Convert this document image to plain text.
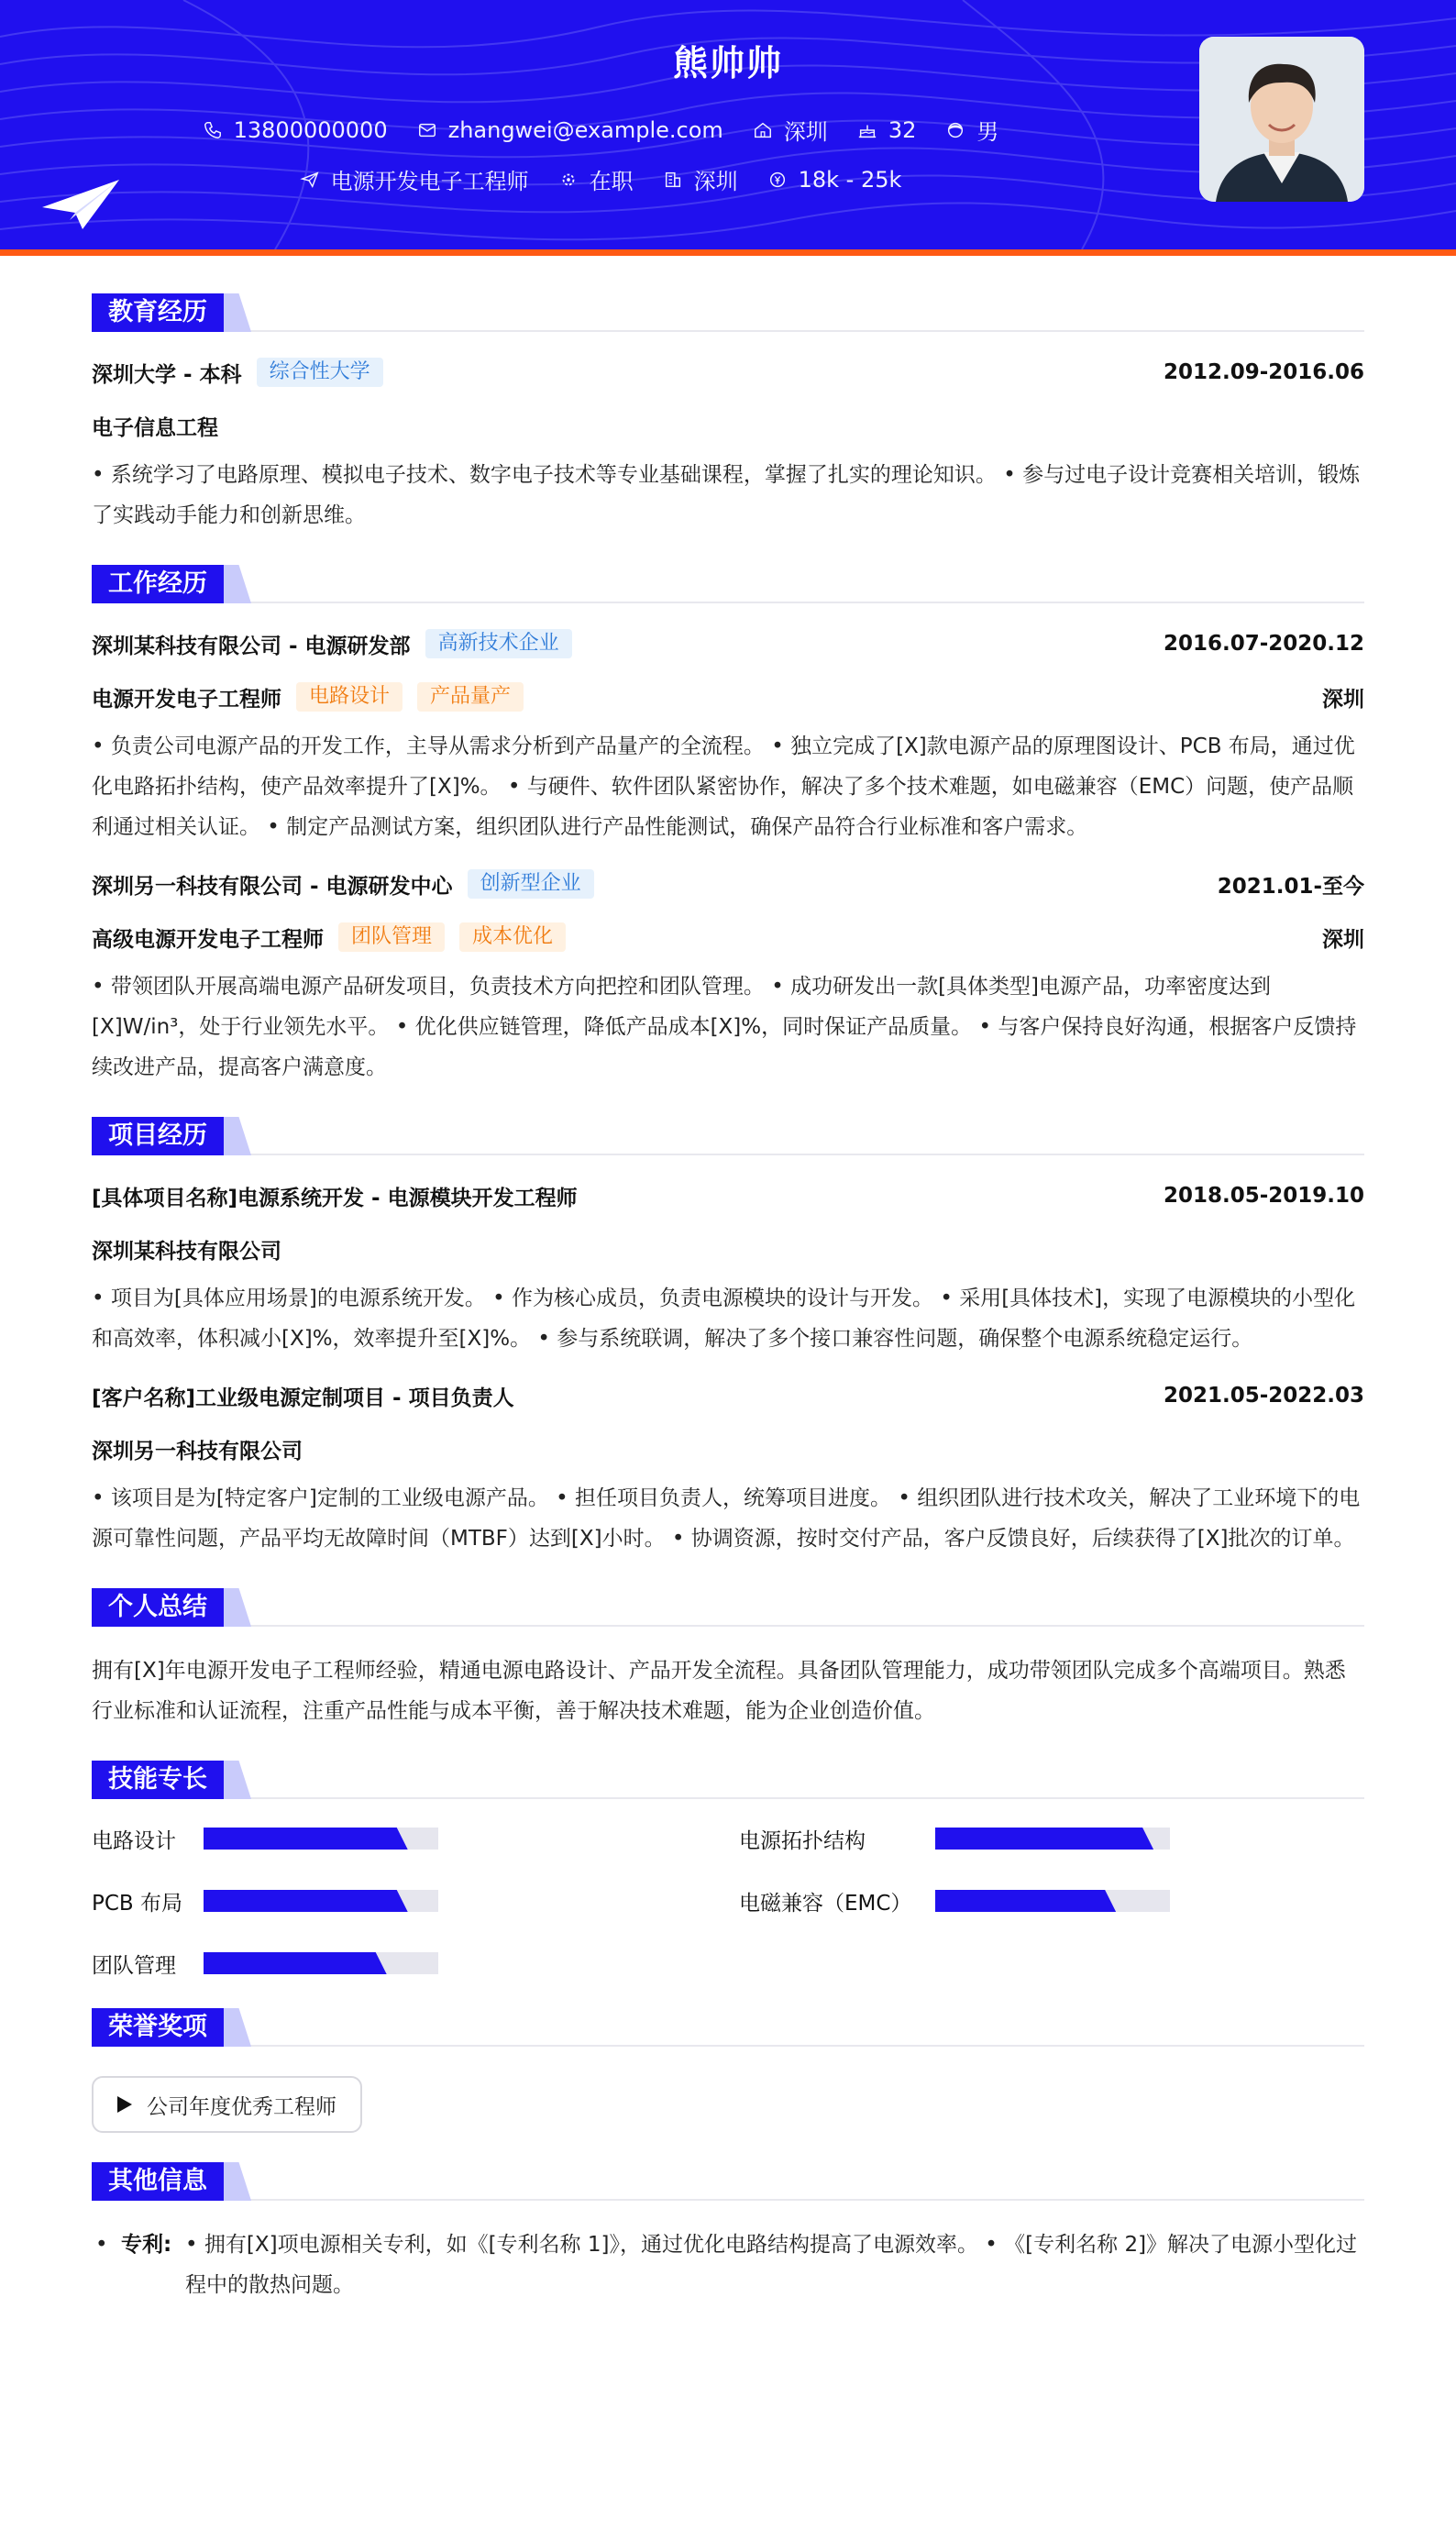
熊帅帅
13800000000	zhangwei@example.com	深圳	32	男
电源开发电子工程师	在职	深圳	18k - 25k
教育经历
深圳大学 - 本科	综合性大学	2012.09-2016.06
电子信息工程
• 系统学习了电路原理、模拟电子技术、数字电子技术等专业基础课程，掌握了扎实的理论知识。 • 参与过电子设计竞赛相关培训，锻炼了实践动手能力和创新思维。
工作经历
深圳某科技有限公司 - 电源研发部	高新技术企业	2016.07-2020.12
电源开发电子工程师	电路设计	产品量产	深圳
• 负责公司电源产品的开发工作，主导从需求分析到产品量产的全流程。 • 独立完成了[X]款电源产品的原理图设计、PCB 布局，通过优化电路拓扑结构，使产品效率提升了[X]%。 • 与硬件、软件团队紧密协作，解决了多个技术难题，如电磁兼容（EMC）问题，使产品顺利通过相关认证。 • 制定产品测试方案，组织团队进行产品性能测试，确保产品符合行业标准和客户需求。
深圳另一科技有限公司 - 电源研发中心	创新型企业	2021.01-至今
高级电源开发电子工程师	团队管理	成本优化	深圳
• 带领团队开展高端电源产品研发项目，负责技术方向把控和团队管理。 • 成功研发出一款[具体类型]电源产品，功率密度达到[X]W/in³，处于行业领先水平。 • 优化供应链管理，降低产品成本[X]%，同时保证产品质量。 • 与客户保持良好沟通，根据客户反馈持续改进产品，提高客户满意度。
项目经历
[具体项目名称]电源系统开发 - 电源模块开发工程师	2018.05-2019.10
深圳某科技有限公司
• 项目为[具体应用场景]的电源系统开发。 • 作为核心成员，负责电源模块的设计与开发。 • 采用[具体技术]，实现了电源模块的小型化和高效率，体积减小[X]%，效率提升至[X]%。 • 参与系统联调，解决了多个接口兼容性问题，确保整个电源系统稳定运行。
[客户名称]工业级电源定制项目 - 项目负责人	2021.05-2022.03
深圳另一科技有限公司
• 该项目是为[特定客户]定制的工业级电源产品。 • 担任项目负责人，统筹项目进度。 • 组织团队进行技术攻关，解决了工业环境下的电源可靠性问题，产品平均无故障时间（MTBF）达到[X]小时。 • 协调资源，按时交付产品，客户反馈良好，后续获得了[X]批次的订单。
个人总结
拥有[X]年电源开发电子工程师经验，精通电源电路设计、产品开发全流程。具备团队管理能力，成功带领团队完成多个高端项目。熟悉行业标准和认证流程，注重产品性能与成本平衡，善于解决技术难题，能为企业创造价值。
技能专长
电路设计	电源拓扑结构
PCB 布局	电磁兼容（EMC）
团队管理
荣誉奖项
公司年度优秀工程师
其他信息
• 专利: • 拥有[X]项电源相关专利，如《[专利名称 1]》，通过优化电路结构提高了电源效率。 • 《[专利名称 2]》解决了电源小型化过程中的散热问题。
